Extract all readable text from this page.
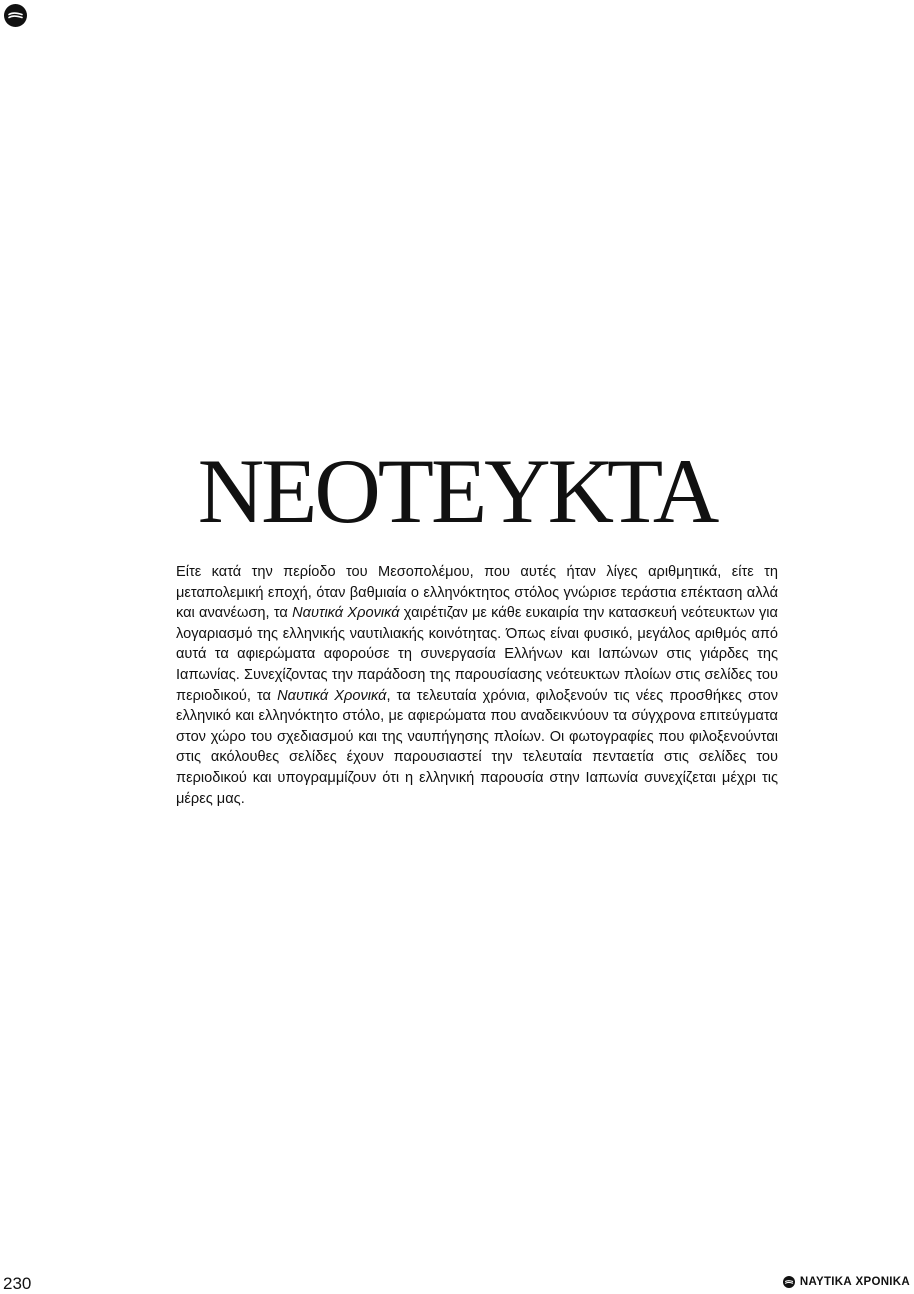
ΝΕΟΤΕΥΚΤΑ

Είτε κατά την περίοδο του Μεσοπολέμου, που αυτές ήταν λίγες αριθμητικά, είτε τη μεταπολεμική εποχή, όταν βαθμιαία ο ελληνόκτητος στόλος γνώρισε τεράστια επέκταση αλλά και ανανέωση, τα Ναυτικά Χρονικά χαιρέτιζαν με κάθε ευκαιρία την κατασκευή νεότευκτων για λογαριασμό της ελληνικής ναυτιλιακής κοινότητας. Όπως είναι φυσικό, μεγάλος αριθμός από αυτά τα αφιερώματα αφορούσε τη συνεργασία Ελλήνων και Ιαπώνων στις γιάρδες της Ιαπωνίας. Συνεχίζοντας την παράδοση της παρουσίασης νεότευκτων πλοίων στις σελίδες του περιοδικού, τα Ναυτικά Χρονικά, τα τελευταία χρόνια, φιλοξενούν τις νέες προσθήκες στον ελληνικό και ελληνόκτητο στόλο, με αφιερώματα που αναδεικνύουν τα σύγχρονα επιτεύγματα στον χώρο του σχεδιασμού και της ναυπήγησης πλοίων. Οι φωτογραφίες που φιλοξενούνται στις ακόλουθες σελίδες έχουν παρουσιαστεί την τελευταία πενταετία στις σελίδες του περιοδικού και υπογραμμίζουν ότι η ελληνική παρουσία στην Ιαπωνία συνεχίζεται μέχρι τις μέρες μας.

230	ΝΑΥΤΙΚΑ ΧΡΟΝΙΚΑ
